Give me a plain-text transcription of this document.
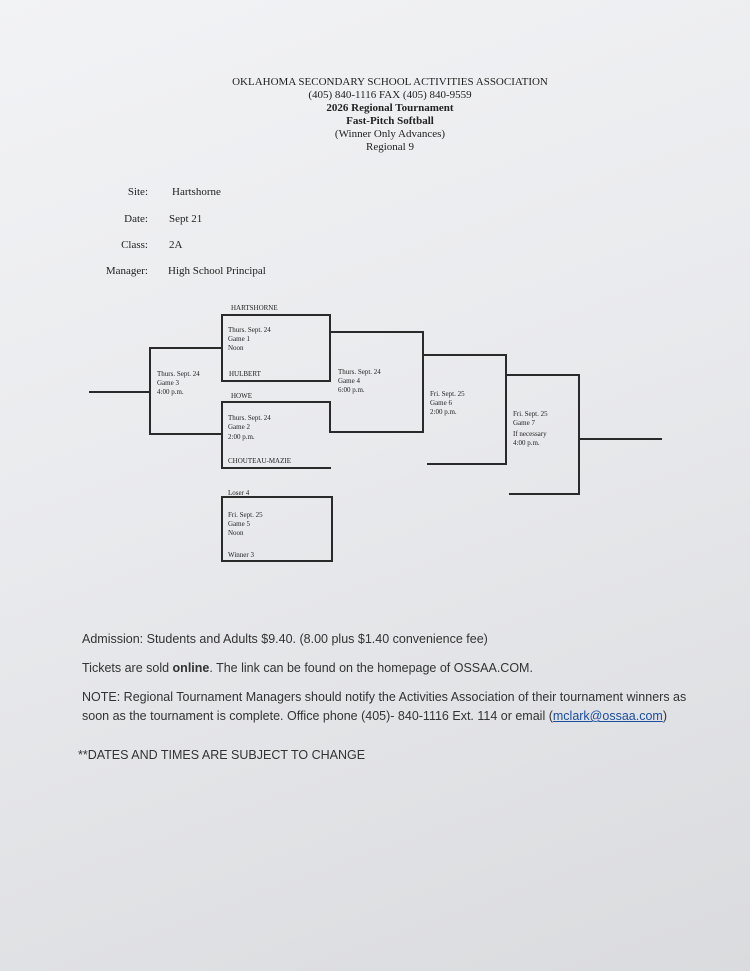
OKLAHOMA SECONDARY SCHOOL ACTIVITIES ASSOCIATION
(405) 840-1116 FAX (405) 840-9559
2026 Regional Tournament
Fast-Pitch Softball
(Winner Only Advances)
Regional 9
Site: Hartshorne
Date: Sept 21
Class: 2A
Manager: High School Principal
HARTSHORNE
HULBERT
HOWE
CHOUTEAU-MAZIE
Loser 4
Winner 3
Thurs. Sept. 24
Game 1
Noon
Thurs. Sept. 24
Game 2
2:00 p.m.
Thurs. Sept. 24
Game 3
4:00 p.m.
Thurs. Sept. 24
Game 4
6:00 p.m.
Fri. Sept. 25
Game 5
Noon
Fri. Sept. 25
Game 6
2:00 p.m.	Fri. Sept. 25
Game 7
If necessary
4:00 p.m.
Admission: Students and Adults $9.40. (8.00 plus $1.40 convenience fee)
Tickets are sold online. The link can be found on the homepage of OSSAA.COM.
NOTE: Regional Tournament Managers should notify the Activities Association of their tournament winners as
soon as the tournament is complete. Office phone (405)- 840-1116 Ext. 114 or email (mclark@ossaa.com)
**DATES AND TIMES ARE SUBJECT TO CHANGE
